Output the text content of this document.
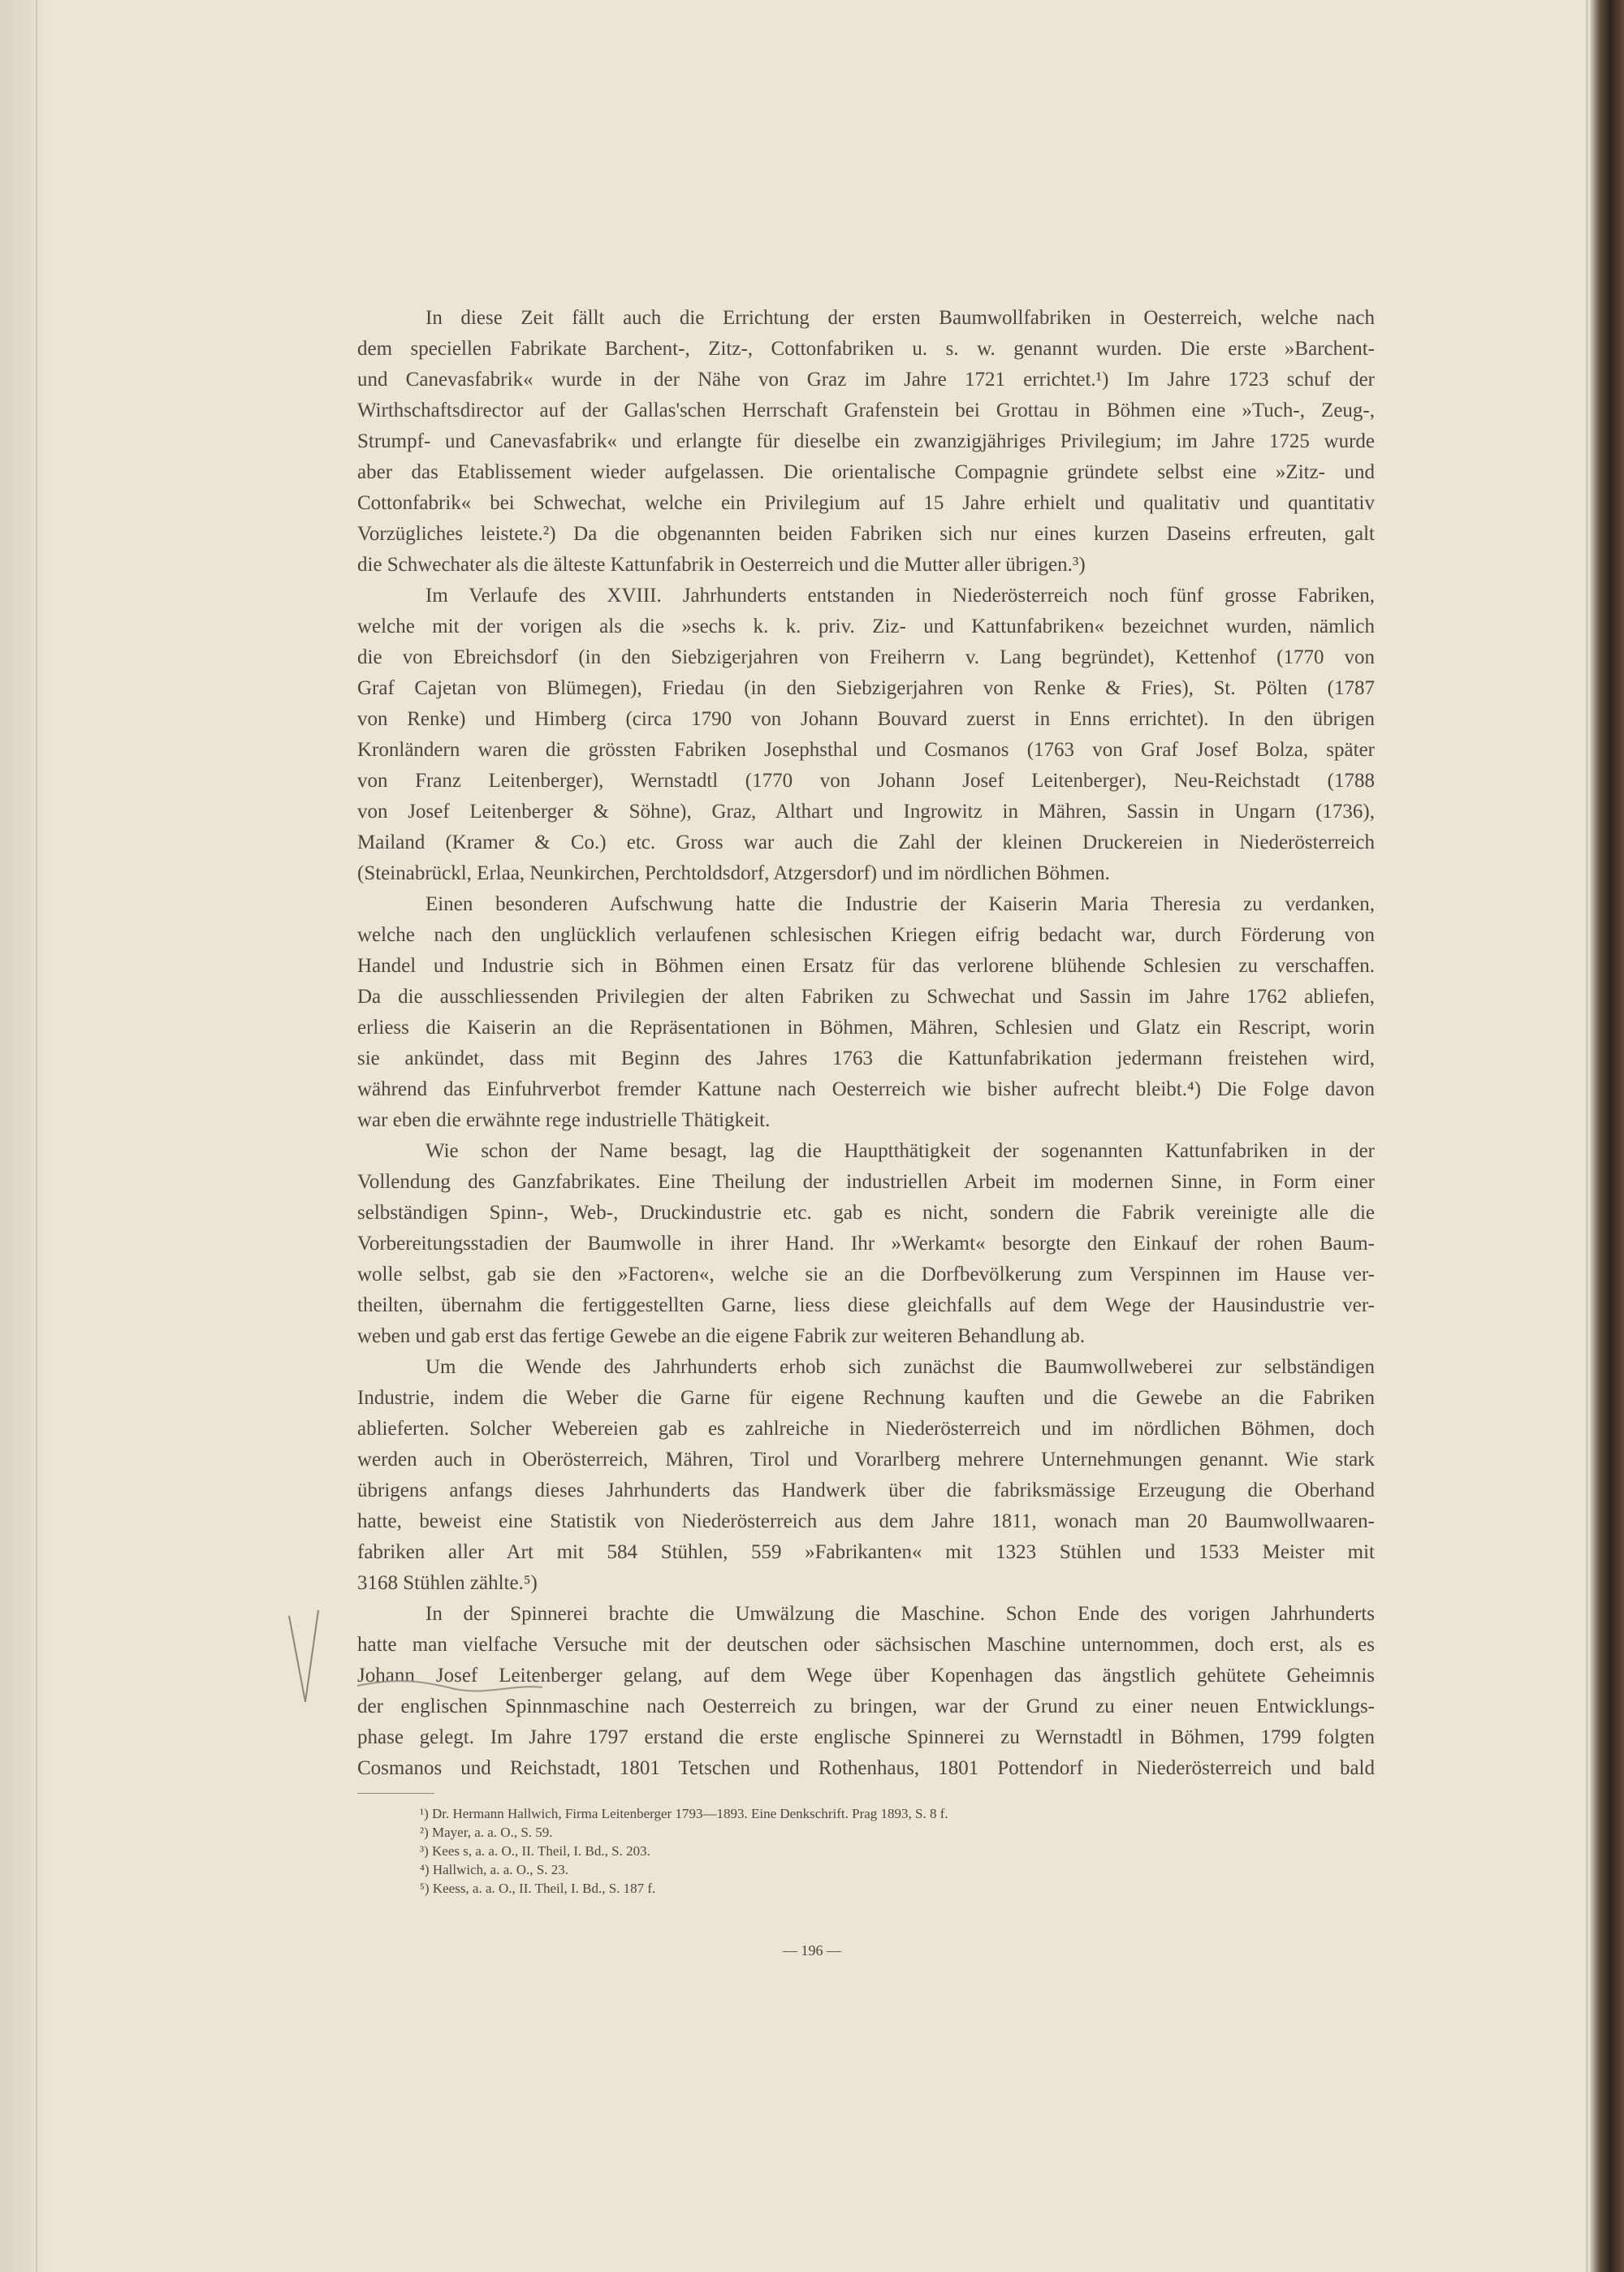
In diese Zeit fällt auch die Errichtung der ersten Baumwollfabriken in Oesterreich, welche nach
dem speciellen Fabrikate Barchent-, Zitz-, Cottonfabriken u. s. w. genannt wurden. Die erste »Barchent-
und Canevasfabrik« wurde in der Nähe von Graz im Jahre 1721 errichtet.¹) Im Jahre 1723 schuf der
Wirthschaftsdirector auf der Gallas'schen Herrschaft Grafenstein bei Grottau in Böhmen eine »Tuch-, Zeug-,
Strumpf- und Canevasfabrik« und erlangte für dieselbe ein zwanzigjähriges Privilegium; im Jahre 1725 wurde
aber das Etablissement wieder aufgelassen. Die orientalische Compagnie gründete selbst eine »Zitz- und
Cottonfabrik« bei Schwechat, welche ein Privilegium auf 15 Jahre erhielt und qualitativ und quantitativ
Vorzügliches leistete.²) Da die obgenannten beiden Fabriken sich nur eines kurzen Daseins erfreuten, galt
die Schwechater als die älteste Kattunfabrik in Oesterreich und die Mutter aller übrigen.³)
Im Verlaufe des XVIII. Jahrhunderts entstanden in Niederösterreich noch fünf grosse Fabriken,
welche mit der vorigen als die »sechs k. k. priv. Ziz- und Kattunfabriken« bezeichnet wurden, nämlich
die von Ebreichsdorf (in den Siebzigerjahren von Freiherrn v. Lang begründet), Kettenhof (1770 von
Graf Cajetan von Blümegen), Friedau (in den Siebzigerjahren von Renke & Fries), St. Pölten (1787
von Renke) und Himberg (circa 1790 von Johann Bouvard zuerst in Enns errichtet). In den übrigen
Kronländern waren die grössten Fabriken Josephsthal und Cosmanos (1763 von Graf Josef Bolza, später
von Franz Leitenberger), Wernstadtl (1770 von Johann Josef Leitenberger), Neu-Reichstadt (1788
von Josef Leitenberger & Söhne), Graz, Althart und Ingrowitz in Mähren, Sassin in Ungarn (1736),
Mailand (Kramer & Co.) etc. Gross war auch die Zahl der kleinen Druckereien in Niederösterreich
(Steinabrückl, Erlaa, Neunkirchen, Perchtoldsdorf, Atzgersdorf) und im nördlichen Böhmen.
Einen besonderen Aufschwung hatte die Industrie der Kaiserin Maria Theresia zu verdanken,
welche nach den unglücklich verlaufenen schlesischen Kriegen eifrig bedacht war, durch Förderung von
Handel und Industrie sich in Böhmen einen Ersatz für das verlorene blühende Schlesien zu verschaffen.
Da die ausschliessenden Privilegien der alten Fabriken zu Schwechat und Sassin im Jahre 1762 abliefen,
erliess die Kaiserin an die Repräsentationen in Böhmen, Mähren, Schlesien und Glatz ein Rescript, worin
sie ankündet, dass mit Beginn des Jahres 1763 die Kattunfabrikation jedermann freistehen wird,
während das Einfuhrverbot fremder Kattune nach Oesterreich wie bisher aufrecht bleibt.⁴) Die Folge davon
war eben die erwähnte rege industrielle Thätigkeit.
Wie schon der Name besagt, lag die Hauptthätigkeit der sogenannten Kattunfabriken in der
Vollendung des Ganzfabrikates. Eine Theilung der industriellen Arbeit im modernen Sinne, in Form einer
selbständigen Spinn-, Web-, Druckindustrie etc. gab es nicht, sondern die Fabrik vereinigte alle die
Vorbereitungsstadien der Baumwolle in ihrer Hand. Ihr »Werkamt« besorgte den Einkauf der rohen Baum-
wolle selbst, gab sie den »Factoren«, welche sie an die Dorfbevölkerung zum Verspinnen im Hause ver-
theilten, übernahm die fertiggestellten Garne, liess diese gleichfalls auf dem Wege der Hausindustrie ver-
weben und gab erst das fertige Gewebe an die eigene Fabrik zur weiteren Behandlung ab.
Um die Wende des Jahrhunderts erhob sich zunächst die Baumwollweberei zur selbständigen
Industrie, indem die Weber die Garne für eigene Rechnung kauften und die Gewebe an die Fabriken
ablieferten. Solcher Webereien gab es zahlreiche in Niederösterreich und im nördlichen Böhmen, doch
werden auch in Oberösterreich, Mähren, Tirol und Vorarlberg mehrere Unternehmungen genannt. Wie stark
übrigens anfangs dieses Jahrhunderts das Handwerk über die fabriksmässige Erzeugung die Oberhand
hatte, beweist eine Statistik von Niederösterreich aus dem Jahre 1811, wonach man 20 Baumwollwaaren-
fabriken aller Art mit 584 Stühlen, 559 »Fabrikanten« mit 1323 Stühlen und 1533 Meister mit
3168 Stühlen zählte.⁵)
In der Spinnerei brachte die Umwälzung die Maschine. Schon Ende des vorigen Jahrhunderts
hatte man vielfache Versuche mit der deutschen oder sächsischen Maschine unternommen, doch erst, als es
Johann Josef Leitenberger gelang, auf dem Wege über Kopenhagen das ängstlich gehütete Geheimnis
der englischen Spinnmaschine nach Oesterreich zu bringen, war der Grund zu einer neuen Entwicklungs-
phase gelegt. Im Jahre 1797 erstand die erste englische Spinnerei zu Wernstadtl in Böhmen, 1799 folgten
Cosmanos und Reichstadt, 1801 Tetschen und Rothenhaus, 1801 Pottendorf in Niederösterreich und bald
¹) Dr. Hermann Hallwich, Firma Leitenberger 1793—1893. Eine Denkschrift. Prag 1893, S. 8 f.
²) Mayer, a. a. O., S. 59.
³) Kees s, a. a. O., II. Theil, I. Bd., S. 203.
⁴) Hallwich, a. a. O., S. 23.
⁵) Keess, a. a. O., II. Theil, I. Bd., S. 187 f.
— 196 —
